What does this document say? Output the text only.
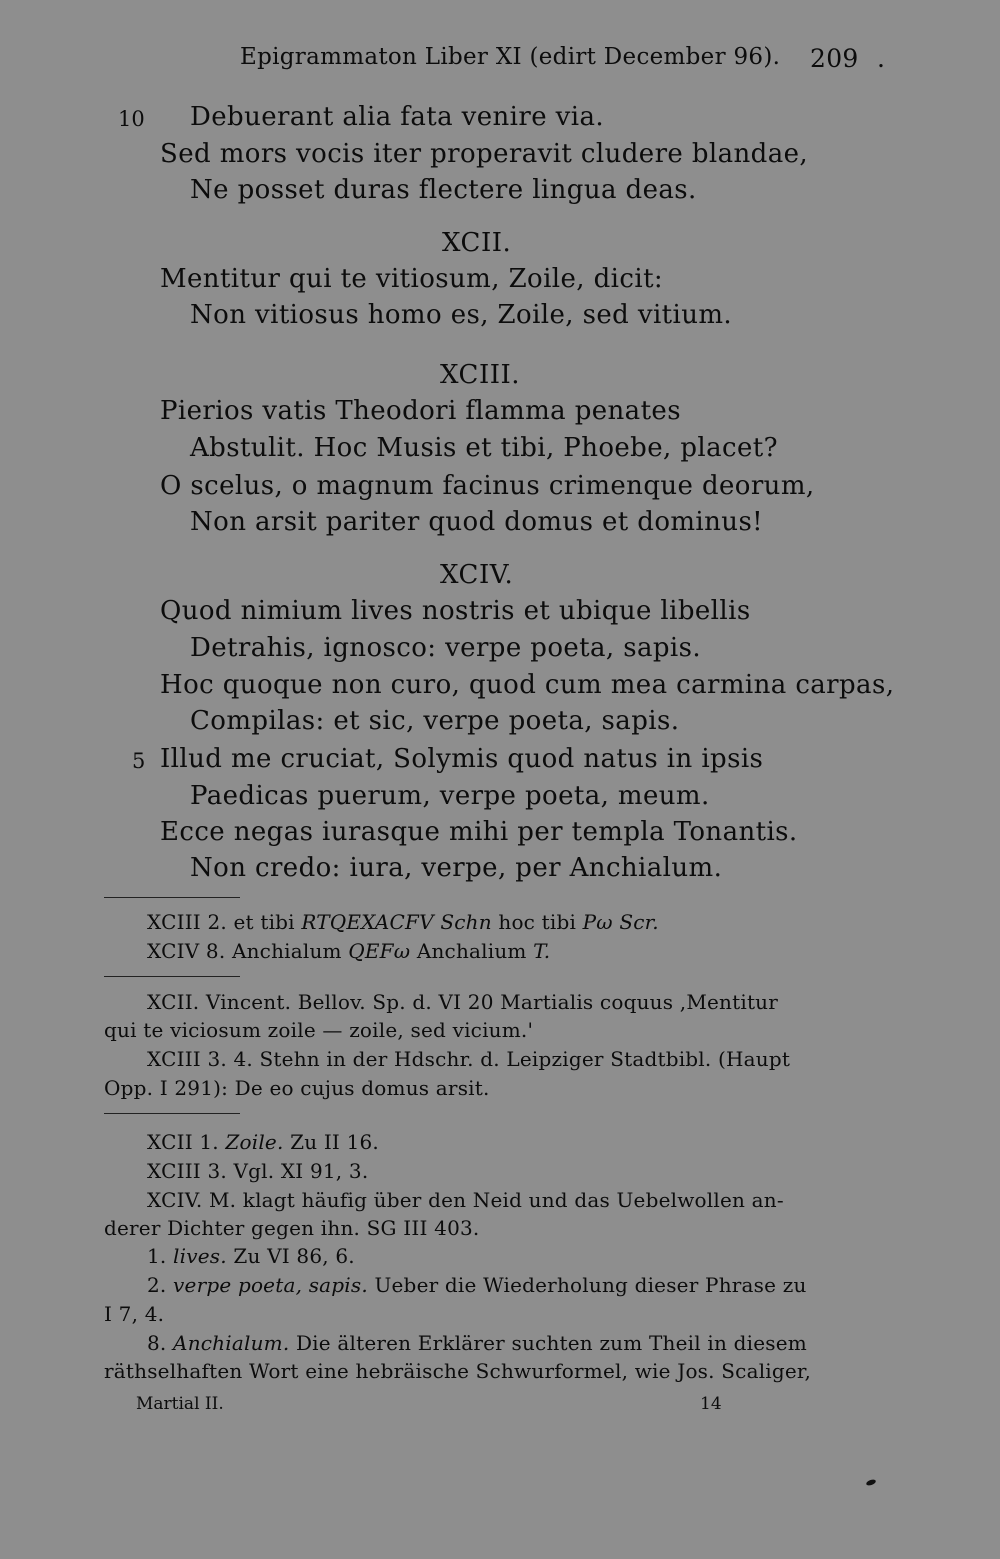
Epigrammaton Liber XI (edirt December 96). 209 .
10 Debuerant alia fata venire via.
Sed mors vocis iter properavit cludere blandae,
Ne posset duras flectere lingua deas.
XCII.
Mentitur qui te vitiosum, Zoile, dicit:
Non vitiosus homo es, Zoile, sed vitium.
XCIII.
Pierios vatis Theodori flamma penates
Abstulit. Hoc Musis et tibi, Phoebe, placet?
O scelus, o magnum facinus crimenque deorum,
Non arsit pariter quod domus et dominus!
XCIV.
Quod nimium lives nostris et ubique libellis
Detrahis, ignosco: verpe poeta, sapis.
Hoc quoque non curo, quod cum mea carmina carpas,
Compilas: et sic, verpe poeta, sapis.
5 Illud me cruciat, Solymis quod natus in ipsis
Paedicas puerum, verpe poeta, meum.
Ecce negas iurasque mihi per templa Tonantis.
Non credo: iura, verpe, per Anchialum.
XCIII 2. et tibi RTQEXACFV Schn hoc tibi Pω Scr.
XCIV 8. Anchialum QEFω Anchalium T.
XCII. Vincent. Bellov. Sp. d. VI 20 Martialis coquus ,Mentitur
qui te viciosum zoile — zoile, sed vicium.'
XCIII 3. 4. Stehn in der Hdschr. d. Leipziger Stadtbibl. (Haupt
Opp. I 291): De eo cujus domus arsit.
XCII 1. Zoile. Zu II 16.
XCIII 3. Vgl. XI 91, 3.
XCIV. M. klagt häufig über den Neid und das Uebelwollen an-
derer Dichter gegen ihn. SG III 403.
1. lives. Zu VI 86, 6.
2. verpe poeta, sapis. Ueber die Wiederholung dieser Phrase zu
I 7, 4.
8. Anchialum. Die älteren Erklärer suchten zum Theil in diesem
räthselhaften Wort eine hebräische Schwurformel, wie Jos. Scaliger,
Martial II.	14
